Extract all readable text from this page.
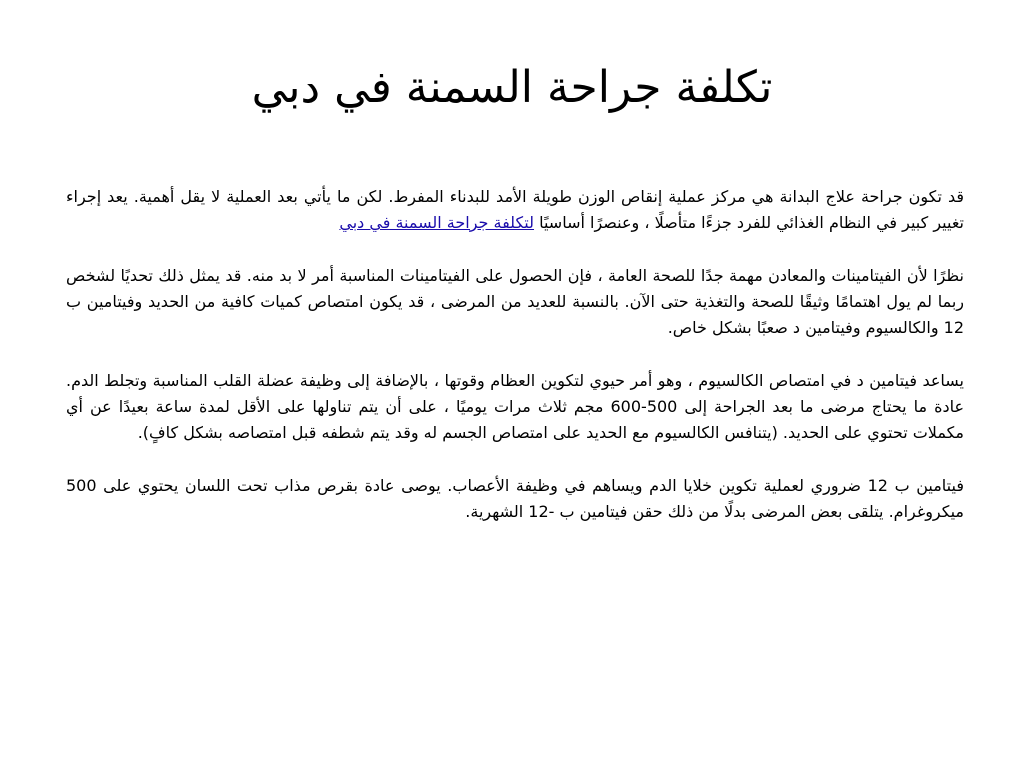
تكلفة جراحة السمنة في دبي

قد تكون جراحة علاج البدانة هي مركز عملية إنقاص الوزن طويلة الأمد للبدناء المفرط. لكن ما يأتي بعد العملية لا يقل أهمية. يعد إجراء تغيير كبير في النظام الغذائي للفرد جزءًا متأصلًا ، وعنصرًا أساسيًا لتكلفة جراحة السمنة في دبي

نظرًا لأن الفيتامينات والمعادن مهمة جدًا للصحة العامة ، فإن الحصول على الفيتامينات المناسبة أمر لا بد منه. قد يمثل ذلك تحديًا لشخص ربما لم يول اهتمامًا وثيقًا للصحة والتغذية حتى الآن. بالنسبة للعديد من المرضى ، قد يكون امتصاص كميات كافية من الحديد وفيتامين ب 12 والكالسيوم وفيتامين د صعبًا بشكل خاص.

يساعد فيتامين د في امتصاص الكالسيوم ، وهو أمر حيوي لتكوين العظام وقوتها ، بالإضافة إلى وظيفة عضلة القلب المناسبة وتجلط الدم. عادة ما يحتاج مرضى ما بعد الجراحة إلى 500-600 مجم ثلاث مرات يوميًا ، على أن يتم تناولها على الأقل لمدة ساعة بعيدًا عن أي مكملات تحتوي على الحديد. (يتنافس الكالسيوم مع الحديد على امتصاص الجسم له وقد يتم شطفه قبل امتصاصه بشكل كافٍ).

فيتامين ب 12 ضروري لعملية تكوين خلايا الدم ويساهم في وظيفة الأعصاب. يوصى عادة بقرص مذاب تحت اللسان يحتوي على 500 ميكروغرام. يتلقى بعض المرضى بدلًا من ذلك حقن فيتامين ب -12 الشهرية.
